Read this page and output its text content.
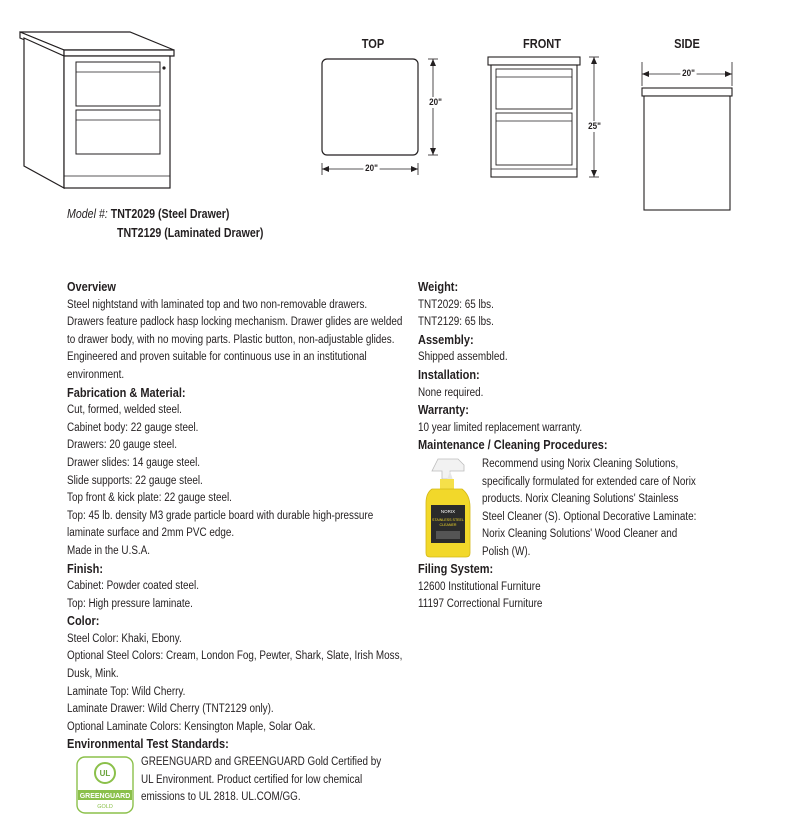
TOP	FRONT	SIDE
20"
20"
25"
20"
Model #: TNT2029 (Steel Drawer)
TNT2129 (Laminated Drawer)
Overview
Steel nightstand with laminated top and two non-removable drawers.
Drawers feature padlock hasp locking mechanism. Drawer glides are welded
to drawer body, with no moving parts. Plastic button, non-adjustable glides.
Engineered and proven suitable for continuous use in an institutional
environment.
Fabrication & Material:
Cut, formed, welded steel.
Cabinet body: 22 gauge steel.
Drawers: 20 gauge steel.
Drawer slides: 14 gauge steel.
Slide supports: 22 gauge steel.
Top front & kick plate: 22 gauge steel.
Top: 45 lb. density M3 grade particle board with durable high-pressure
laminate surface and 2mm PVC edge.
Made in the U.S.A.
Finish:
Cabinet: Powder coated steel.
Top: High pressure laminate.
Color:
Steel Color: Khaki, Ebony.
Optional Steel Colors: Cream, London Fog, Pewter, Shark, Slate, Irish Moss,
Dusk, Mink.
Laminate Top: Wild Cherry.
Laminate Drawer: Wild Cherry (TNT2129 only).
Optional Laminate Colors: Kensington Maple, Solar Oak.
Environmental Test Standards:
UL
GREENGUARD
GOLD
GREENGUARD and GREENGUARD Gold Certified by
UL Environment. Product certified for low chemical
emissions to UL 2818. UL.COM/GG.
Weight:
TNT2029: 65 lbs.
TNT2129: 65 lbs.
Assembly:
Shipped assembled.
Installation:
None required.
Warranty:
10 year limited replacement warranty.
Maintenance / Cleaning Procedures:
NORIX
STAINLESS STEEL
CLEANER
Recommend using Norix Cleaning Solutions,
specifically formulated for extended care of Norix
products. Norix Cleaning Solutions' Stainless
Steel Cleaner (S). Optional Decorative Laminate:
Norix Cleaning Solutions' Wood Cleaner and
Polish (W).
Filing System:
12600 Institutional Furniture
11197 Correctional Furniture
